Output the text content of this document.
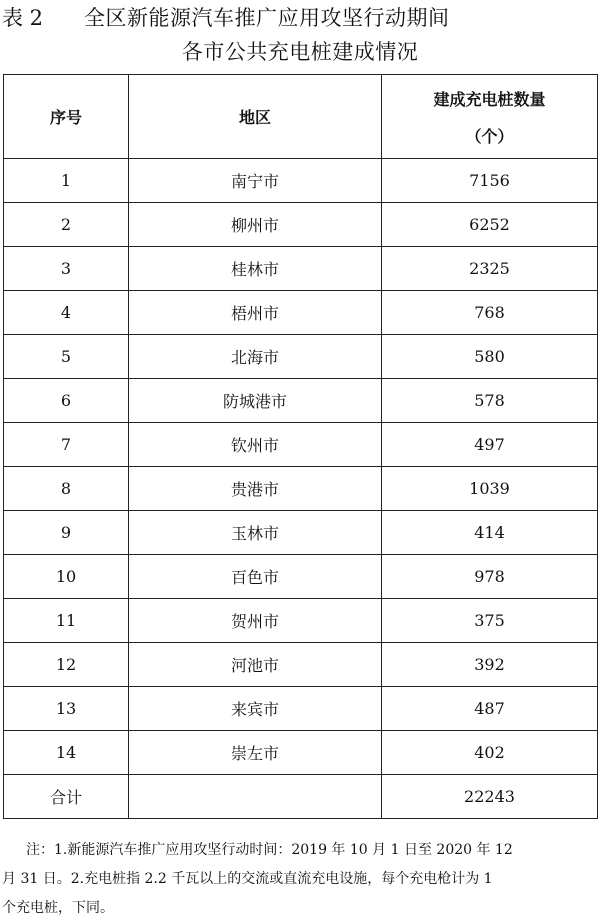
表 2 全区新能源汽车推广应用攻坚行动期间
各市公共充电桩建成情况
序号	地区	建成充电桩数量
（个）

1	南宁市	7156
2	柳州市	6252
3	桂林市	2325
4	梧州市	768
5	北海市	580
6	防城港市	578
7	钦州市	497
8	贵港市	1039
9	玉林市	414
10	百色市	978
11	贺州市	375
12	河池市	392
13	来宾市	487
14	崇左市	402
合计		22243

注：1.新能源汽车推广应用攻坚行动时间：2019 年 10 月 1 日至 2020 年 12

月 31 日。2.充电桩指 2.2 千瓦以上的交流或直流充电设施，每个充电枪计为 1

个充电桩，下同。
